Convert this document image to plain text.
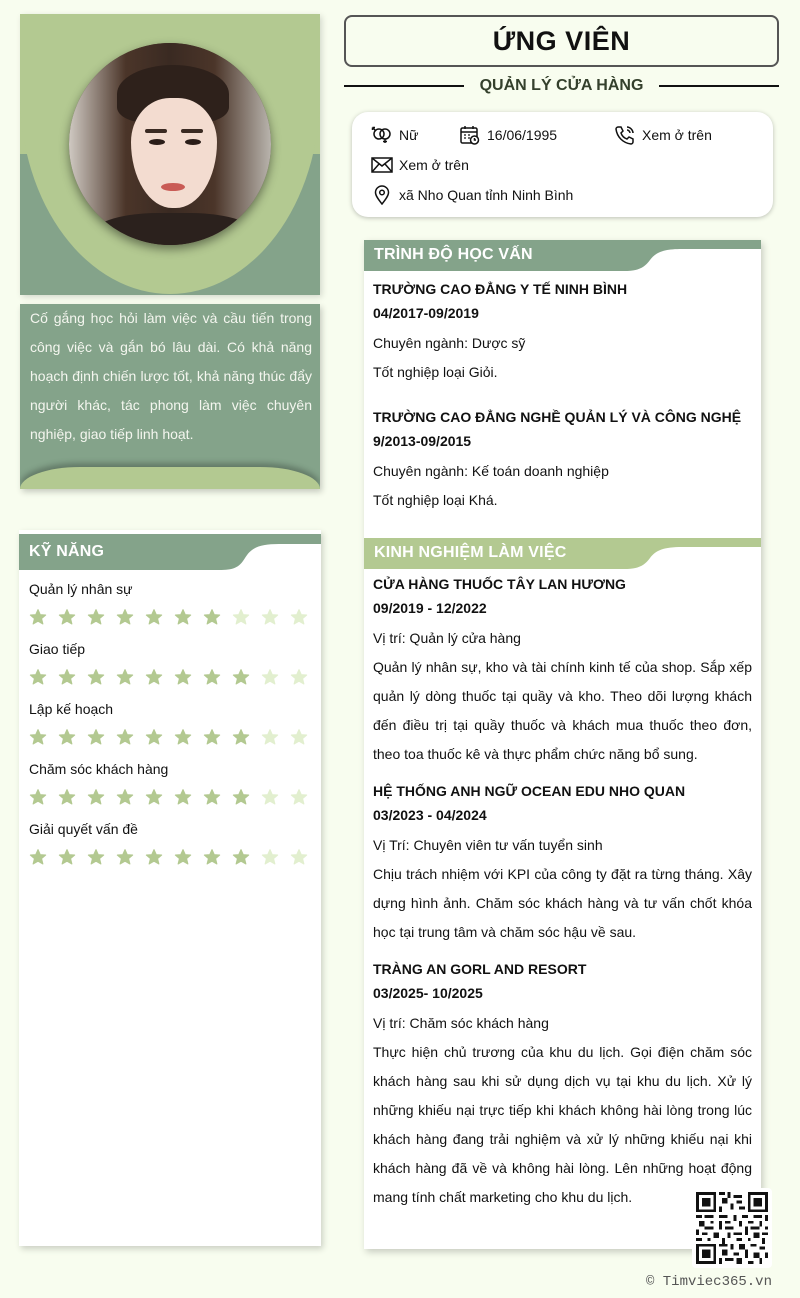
Cố gắng học hỏi làm việc và cầu tiến trong công việc và gắn bó lâu dài. Có khả năng hoạch định chiến lược tốt, khả năng thúc đẩy người khác, tác phong làm việc chuyên nghiệp, giao tiếp linh hoạt.

KỸ NĂNG
Quản lý nhân sự
Giao tiếp
Lập kế hoạch
Chăm sóc khách hàng
Giải quyết vấn đề
ỨNG VIÊN
QUẢN LÝ CỬA HÀNG
Nữ	16/06/1995	Xem ở trên
Xem ở trên
xã Nho Quan tỉnh Ninh Bình
TRÌNH ĐỘ HỌC VẤN
TRƯỜNG CAO ĐẲNG Y TẾ NINH BÌNH
04/2017-09/2019
Chuyên ngành: Dược sỹ
Tốt nghiệp loại Giỏi.
TRƯỜNG CAO ĐẲNG NGHỀ QUẢN LÝ VÀ CÔNG NGHỆ
9/2013-09/2015
Chuyên ngành: Kế toán doanh nghiệp
Tốt nghiệp loại Khá.
KINH NGHIỆM LÀM VIỆC
CỬA HÀNG THUỐC TÂY LAN HƯƠNG
09/2019 - 12/2022
Vị trí: Quản lý cửa hàng
Quản lý nhân sự, kho và tài chính kinh tế của shop. Sắp xếp quản lý dòng thuốc tại quầy và kho. Theo dõi lượng khách đến điều trị tại quầy thuốc và khách mua thuốc theo đơn, theo toa thuốc kê và thực phẩm chức năng bổ sung.
HỆ THỐNG ANH NGỮ OCEAN EDU NHO QUAN
03/2023 - 04/2024
Vị Trí: Chuyên viên tư vấn tuyển sinh
Chịu trách nhiệm với KPI của công ty đặt ra từng tháng. Xây dựng hình ảnh. Chăm sóc khách hàng và tư vấn chốt khóa học tại trung tâm và chăm sóc hậu về sau.
TRÀNG AN GORL AND RESORT
03/2025- 10/2025
Vị trí: Chăm sóc khách hàng
Thực hiện chủ trương của khu du lịch. Gọi điện chăm sóc khách hàng sau khi sử dụng dịch vụ tại khu du lịch. Xử lý những khiếu nại trực tiếp khi khách không hài lòng trong lúc khách hàng đang trải nghiệm và xử lý những khiếu nại khi khách hàng đã về và không hài lòng. Lên những hoạt động mang tính chất marketing cho khu du lịch.
© Timviec365.vn
